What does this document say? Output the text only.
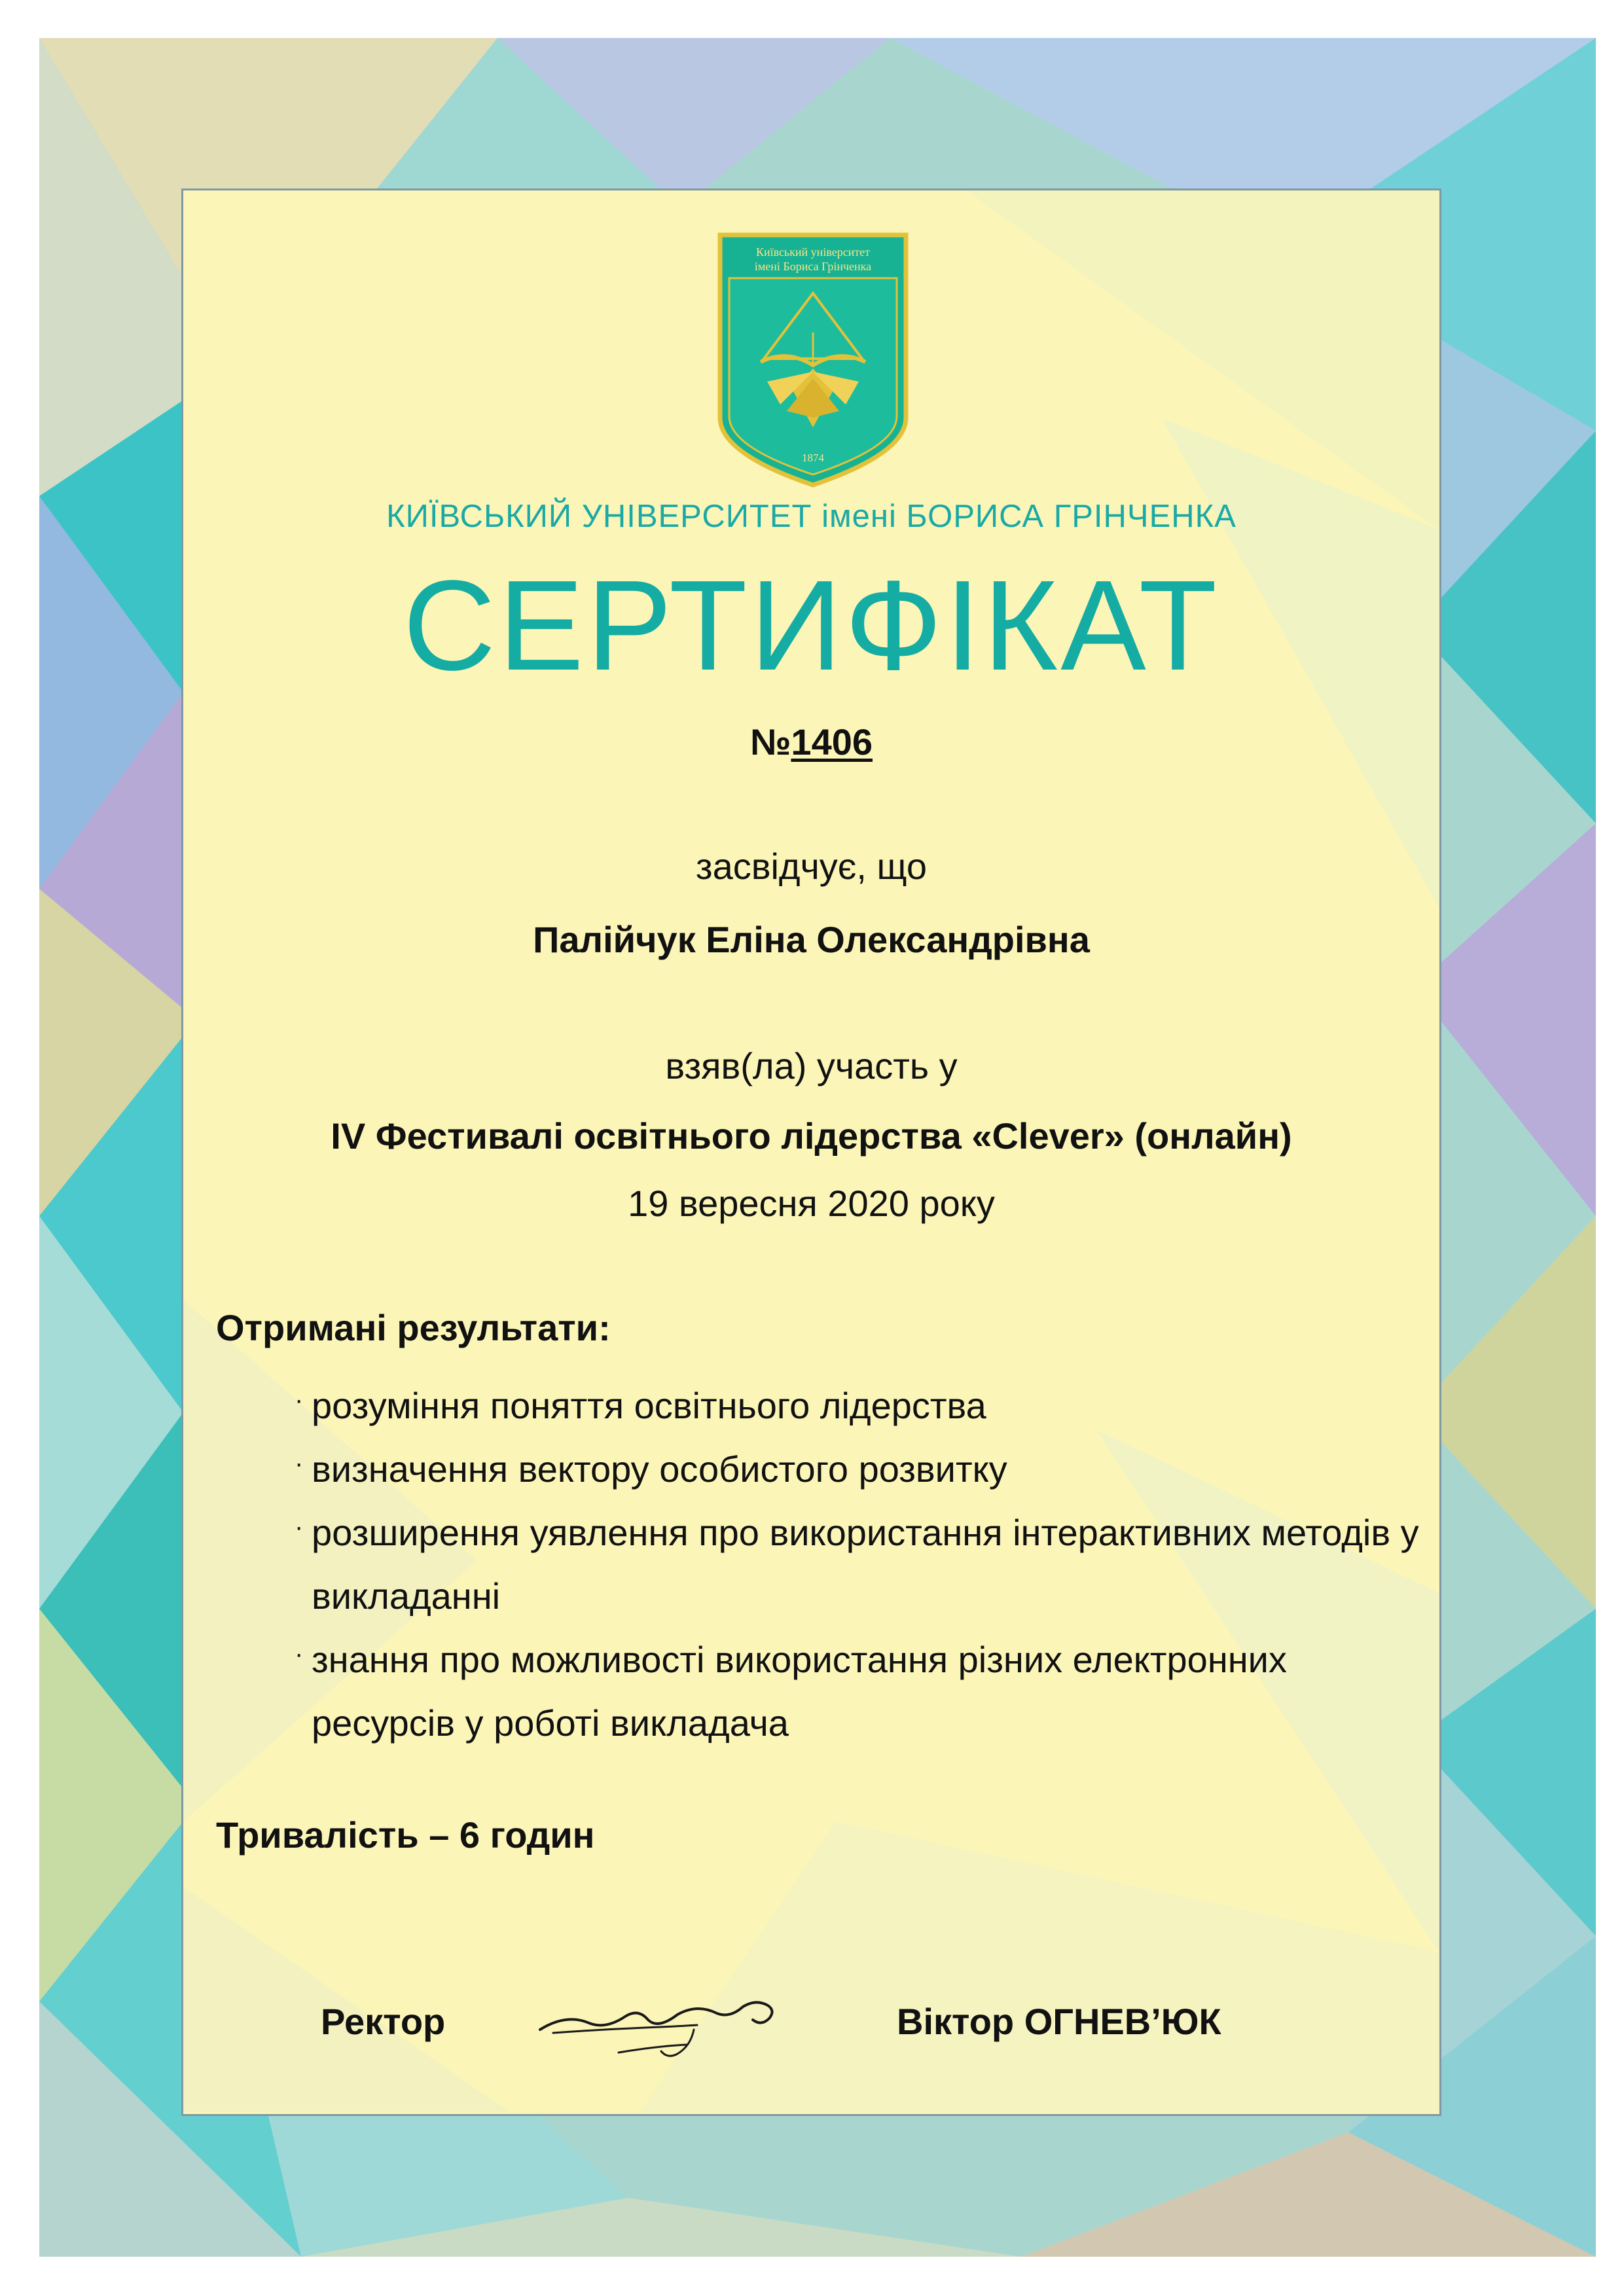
Київський університет
імені Бориса Грінченка
1874
КИЇВСЬКИЙ УНІВЕРСИТЕТ імені БОРИСА ГРІНЧЕНКА
СЕРТИФІКАТ
№1406
засвідчує, що
Палійчук Еліна Олександрівна
взяв(ла) участь у
IV Фестивалі освітнього лідерства «Clever» (онлайн)
19 вересня 2020 року
Отримані результати:
· розуміння поняття освітнього лідерства
· визначення вектору особистого розвитку
· розширення уявлення про використання інтерактивних методів у викладанні
· знання про можливості використання різних електронних ресурсів у роботі викладача
Тривалість – 6 годин
Ректор	Віктор ОГНЕВ’ЮК
